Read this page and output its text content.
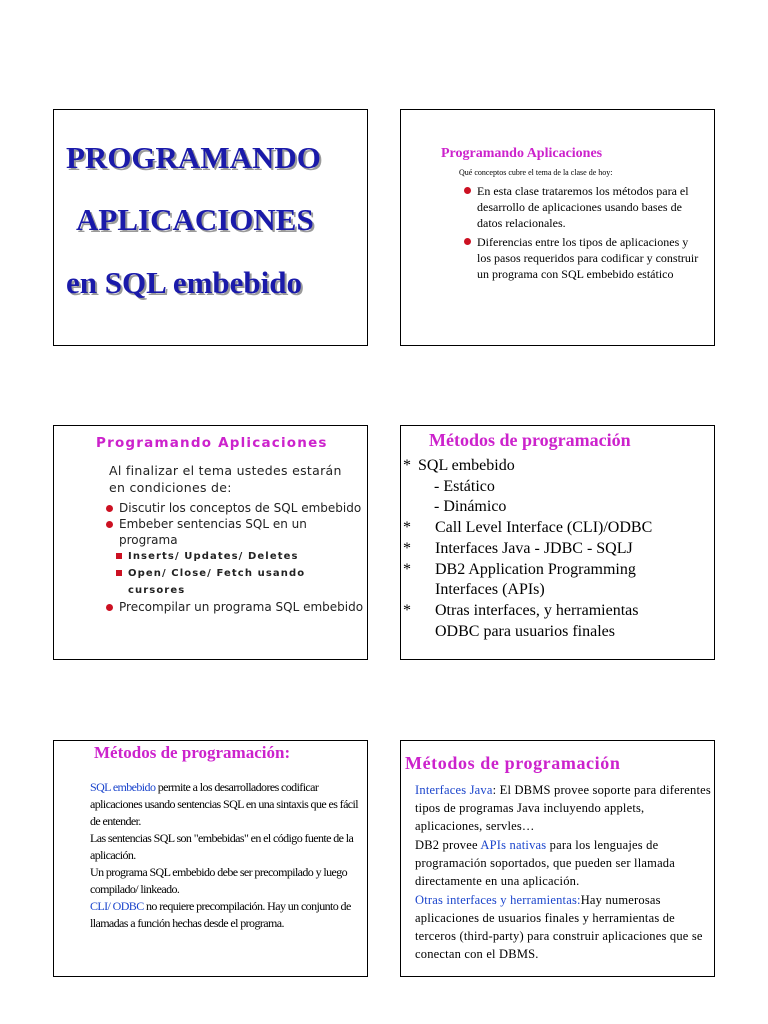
PROGRAMANDO
APLICACIONES
en SQL embebido
Programando Aplicaciones
Qué conceptos cubre el tema de la clase de hoy:
En esta clase trataremos los métodos para el desarrollo de aplicaciones usando bases de datos relacionales.
Diferencias entre los tipos de aplicaciones y los pasos requeridos para codificar y construir un programa con SQL embebido estático
Programando Aplicaciones
Al finalizar el tema ustedes estarán en condiciones de:
Discutir los conceptos de SQL embebido
Embeber sentencias SQL en un programa
Inserts/ Updates/ Deletes
Open/ Close/ Fetch usando cursores
Precompilar un programa SQL embebido
Métodos de programación
* SQL embebido
- Estático
- Dinámico
* Call Level Interface (CLI)/ODBC
* Interfaces Java - JDBC - SQLJ
* DB2 Application Programming
Interfaces (APIs)
* Otras interfaces, y herramientas
ODBC para usuarios finales
Métodos de programación:

SQL embebido permite a los desarrolladores codificar aplicaciones usando sentencias SQL en una sintaxis que es fácil de entender.

Las sentencias SQL son "embebidas" en el código fuente de la aplicación.

Un programa SQL embebido debe ser precompilado y luego compilado/ linkeado.

CLI/ ODBC no requiere precompilación. Hay un conjunto de llamadas a función hechas desde el programa.

Métodos de programación

Interfaces Java: El DBMS provee soporte para diferentes tipos de programas Java incluyendo applets, aplicaciones, servles…

DB2 provee APIs nativas para los lenguajes de programación soportados, que pueden ser llamada directamente en una aplicación.

Otras interfaces y herramientas:Hay numerosas aplicaciones de usuarios finales y herramientas de terceros (third-party) para construir aplicaciones que se conectan con el DBMS.
